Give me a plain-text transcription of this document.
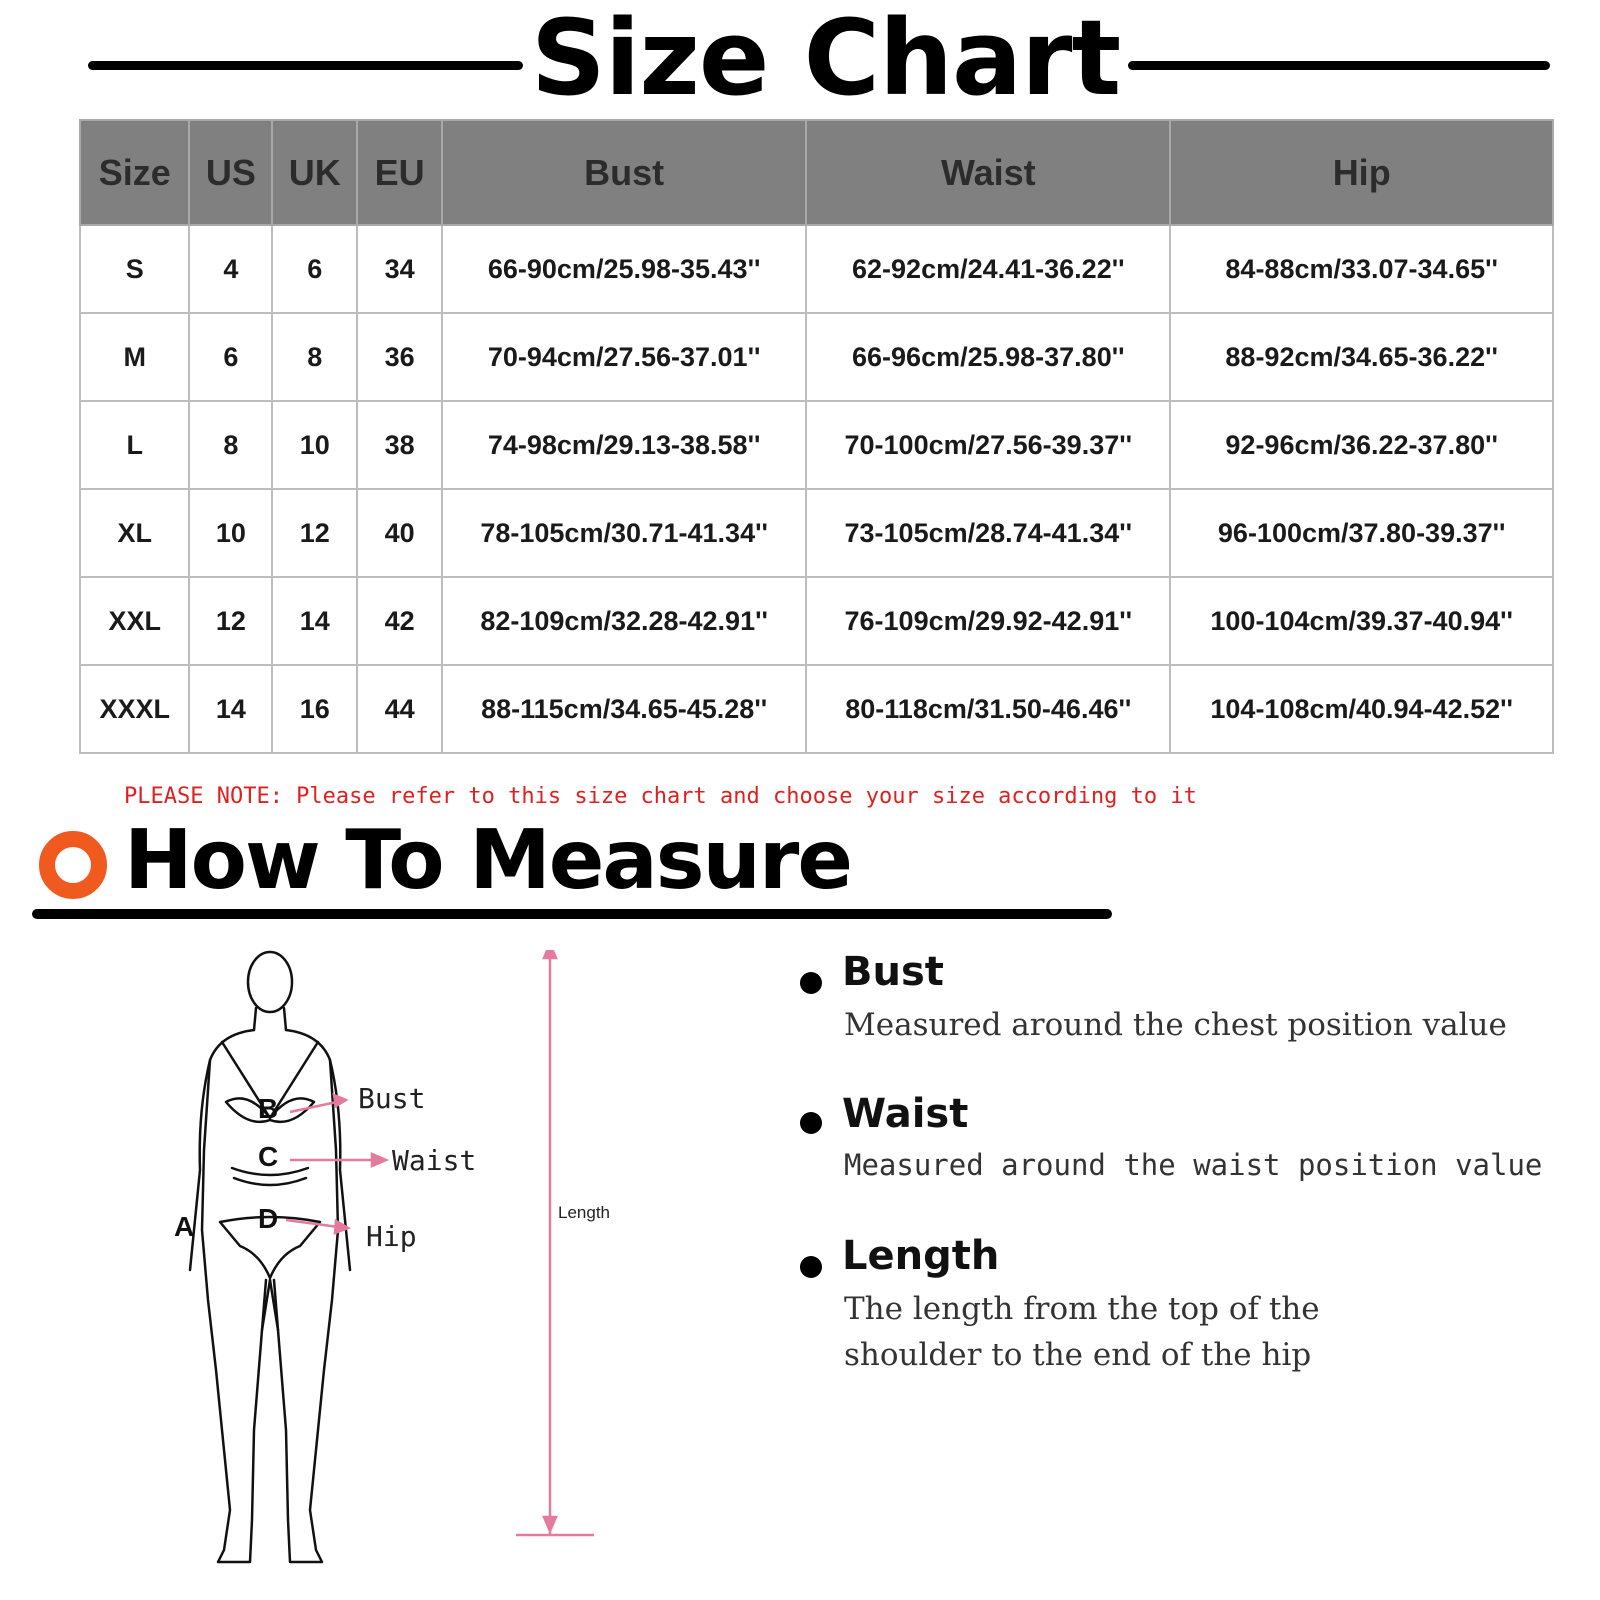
Size Chart
Size	US	UK	EU	Bust	Waist	Hip
S	4	6	34	66-90cm/25.98-35.43''	62-92cm/24.41-36.22''	84-88cm/33.07-34.65''
M	6	8	36	70-94cm/27.56-37.01''	66-96cm/25.98-37.80''	88-92cm/34.65-36.22''
L	8	10	38	74-98cm/29.13-38.58''	70-100cm/27.56-39.37''	92-96cm/36.22-37.80''
XL	10	12	40	78-105cm/30.71-41.34''	73-105cm/28.74-41.34''	96-100cm/37.80-39.37''
XXL	12	14	42	82-109cm/32.28-42.91''	76-109cm/29.92-42.91''	100-104cm/39.37-40.94''
XXXL	14	16	44	88-115cm/34.65-45.28''	80-118cm/31.50-46.46''	104-108cm/40.94-42.52''
PLEASE NOTE: Please refer to this size chart and choose your size according to it
How To Measure
B
C
D
A
Bust
Waist
Hip
Length
Bust
Measured around the chest position value
Waist
Measured around the waist position value
Length
The length from the top of the shoulder to the end of the hip
